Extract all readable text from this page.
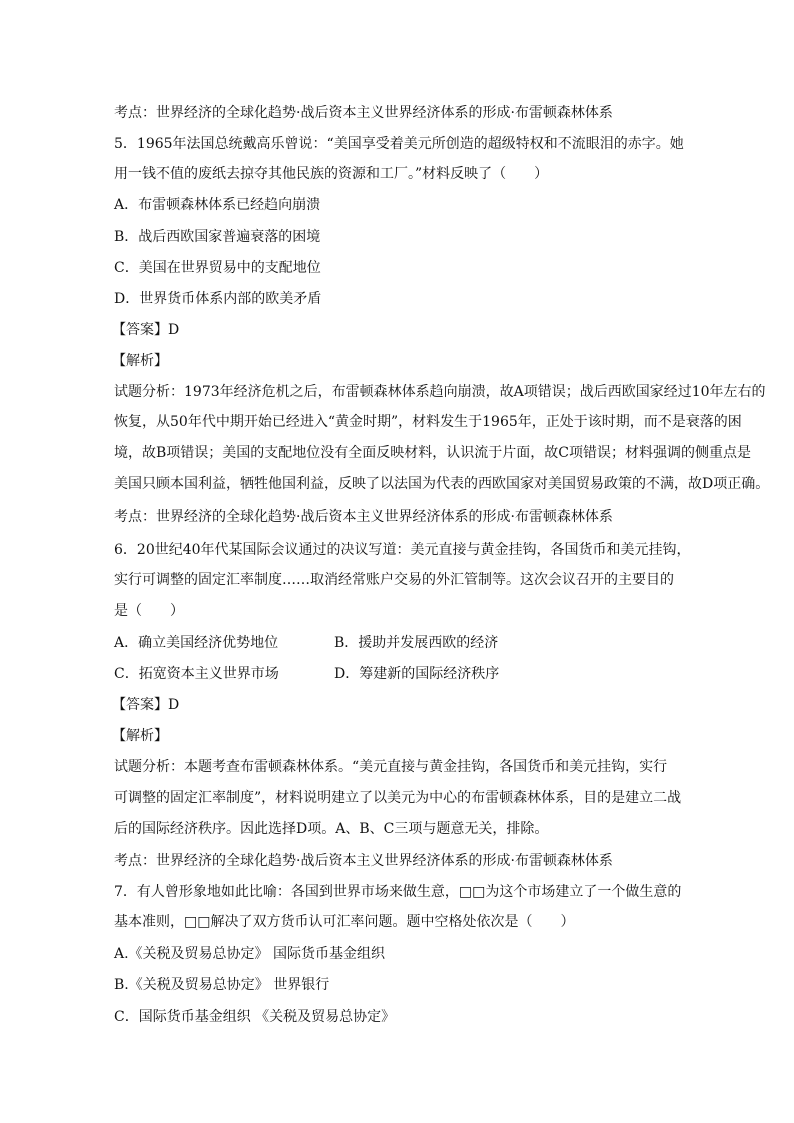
考点：世界经济的全球化趋势·战后资本主义世界经济体系的形成·布雷顿森林体系
5．1965年法国总统戴高乐曾说：“美国享受着美元所创造的超级特权和不流眼泪的赤字。她
用一钱不值的废纸去掠夺其他民族的资源和工厂。”材料反映了（　　）
A．布雷顿森林体系已经趋向崩溃
B．战后西欧国家普遍衰落的困境
C．美国在世界贸易中的支配地位
D．世界货币体系内部的欧美矛盾
【答案】D
【解析】
试题分析：1973年经济危机之后，布雷顿森林体系趋向崩溃，故A项错误；战后西欧国家经过10年左右的
恢复，从50年代中期开始已经进入“黄金时期”，材料发生于1965年，正处于该时期，而不是衰落的困
境，故B项错误；美国的支配地位没有全面反映材料，认识流于片面，故C项错误；材料强调的侧重点是
美国只顾本国利益，牺牲他国利益，反映了以法国为代表的西欧国家对美国贸易政策的不满，故D项正确。
考点：世界经济的全球化趋势·战后资本主义世界经济体系的形成·布雷顿森林体系
6．20世纪40年代某国际会议通过的决议写道：美元直接与黄金挂钩，各国货币和美元挂钩，
实行可调整的固定汇率制度……取消经常账户交易的外汇管制等。这次会议召开的主要目的
是（　　）
A．确立美国经济优势地位	B．援助并发展西欧的经济
C．拓宽资本主义世界市场	D．筹建新的国际经济秩序
【答案】D
【解析】
试题分析：本题考查布雷顿森林体系。“美元直接与黄金挂钩，各国货币和美元挂钩，实行
可调整的固定汇率制度”，材料说明建立了以美元为中心的布雷顿森林体系，目的是建立二战
后的国际经济秩序。因此选择D项。A、B、C三项与题意无关，排除。
考点：世界经济的全球化趋势·战后资本主义世界经济体系的形成·布雷顿森林体系
7．有人曾形象地如此比喻：各国到世界市场来做生意，□□为这个市场建立了一个做生意的
基本准则，□□解决了双方货币认可汇率问题。题中空格处依次是（　　）
A.《关税及贸易总协定》 国际货币基金组织
B.《关税及贸易总协定》 世界银行
C．国际货币基金组织 《关税及贸易总协定》
